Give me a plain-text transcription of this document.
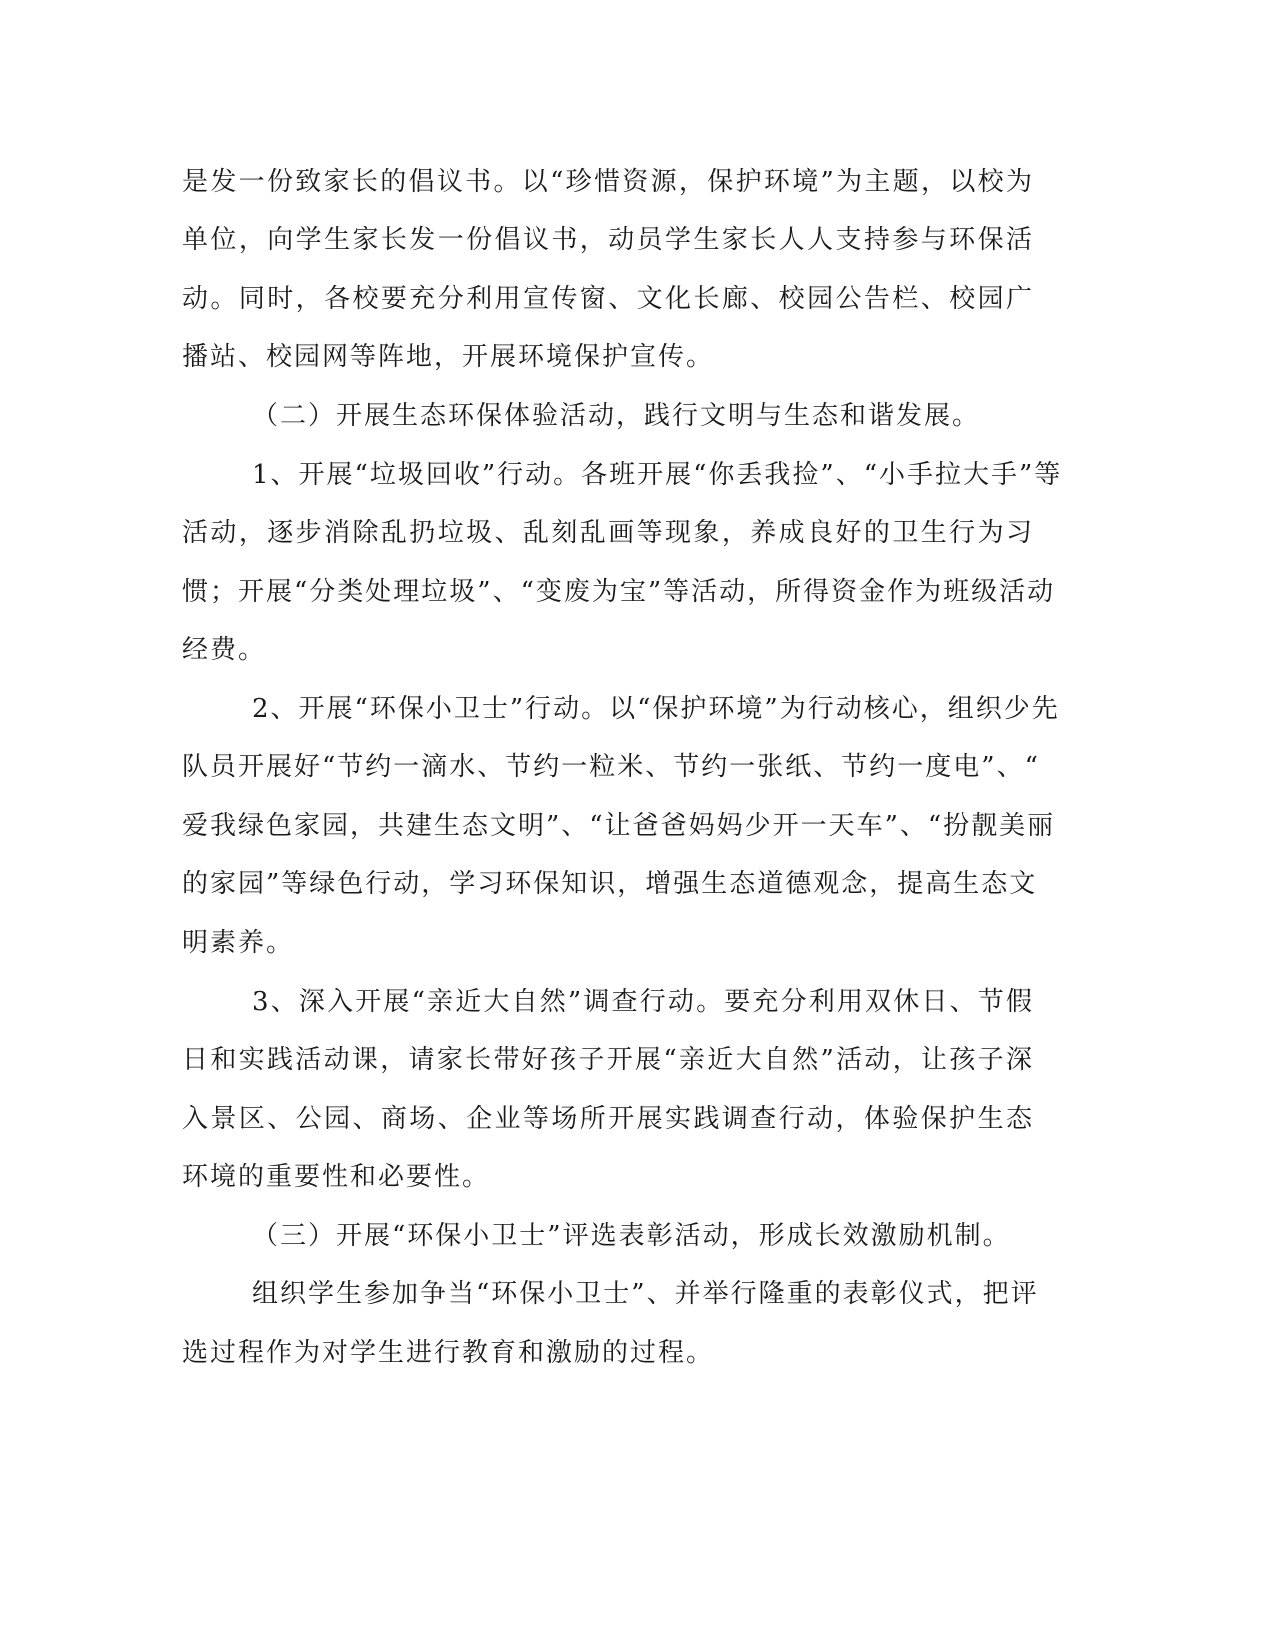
是发一份致家长的倡议书。以“珍惜资源，保护环境”为主题，以校为
单位，向学生家长发一份倡议书，动员学生家长人人支持参与环保活
动。同时，各校要充分利用宣传窗、文化长廊、校园公告栏、校园广
播站、校园网等阵地，开展环境保护宣传。
（二）开展生态环保体验活动，践行文明与生态和谐发展。
1、开展“垃圾回收”行动。各班开展“你丢我捡”、“小手拉大手”等
活动，逐步消除乱扔垃圾、乱刻乱画等现象，养成良好的卫生行为习
惯；开展“分类处理垃圾”、“变废为宝”等活动，所得资金作为班级活动
经费。
2、开展“环保小卫士”行动。以“保护环境”为行动核心，组织少先
队员开展好“节约一滴水、节约一粒米、节约一张纸、节约一度电”、“
爱我绿色家园，共建生态文明”、“让爸爸妈妈少开一天车”、“扮靓美丽
的家园”等绿色行动，学习环保知识，增强生态道德观念，提高生态文
明素养。
3、深入开展“亲近大自然”调查行动。要充分利用双休日、节假
日和实践活动课，请家长带好孩子开展“亲近大自然”活动，让孩子深
入景区、公园、商场、企业等场所开展实践调查行动，体验保护生态
环境的重要性和必要性。
（三）开展“环保小卫士”评选表彰活动，形成长效激励机制。
组织学生参加争当“环保小卫士”、并举行隆重的表彰仪式，把评
选过程作为对学生进行教育和激励的过程。
